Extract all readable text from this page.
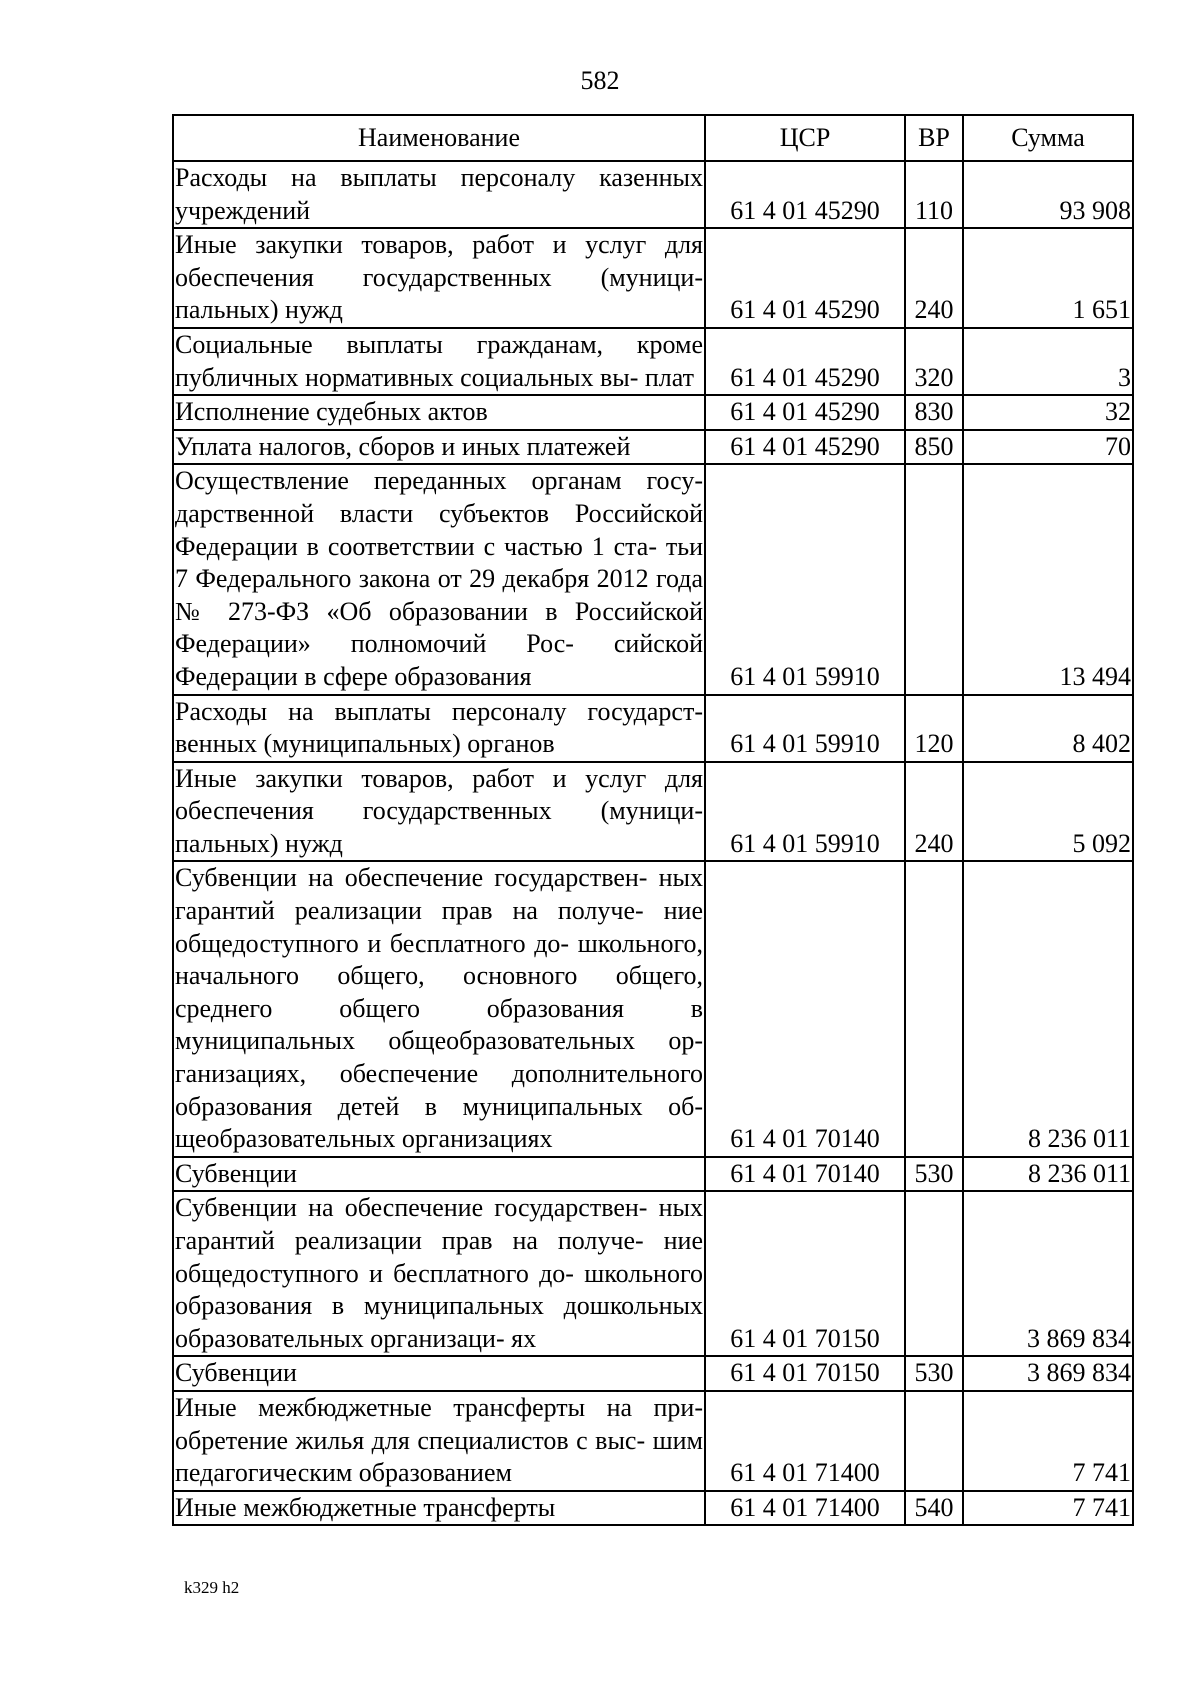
582
Наименование	ЦСР	ВР	Сумма
Расходы на выплаты персоналу казенных учреждений	61 4 01 45290	110	93 908
Иные закупки товаров, работ и услуг для обеспечения государственных (муници- пальных) нужд	61 4 01 45290	240	1 651
Социальные выплаты гражданам, кроме публичных нормативных социальных вы- плат	61 4 01 45290	320	3
Исполнение судебных актов	61 4 01 45290	830	32
Уплата налогов, сборов и иных платежей	61 4 01 45290	850	70
Осуществление переданных органам госу- дарственной власти субъектов Российской Федерации в соответствии с частью 1 ста- тьи 7 Федерального закона от 29 декабря 2012 года № 273-ФЗ «Об образовании в Российской Федерации» полномочий Рос- сийской Федерации в сфере образования	61 4 01 59910		13 494
Расходы на выплаты персоналу государст- венных (муниципальных) органов	61 4 01 59910	120	8 402
Иные закупки товаров, работ и услуг для обеспечения государственных (муници- пальных) нужд	61 4 01 59910	240	5 092
Субвенции на обеспечение государствен- ных гарантий реализации прав на получе- ние общедоступного и бесплатного до- школьного, начального общего, основного общего, среднего общего образования в муниципальных общеобразовательных ор- ганизациях, обеспечение дополнительного образования детей в муниципальных об- щеобразовательных организациях	61 4 01 70140		8 236 011
Субвенции	61 4 01 70140	530	8 236 011
Субвенции на обеспечение государствен- ных гарантий реализации прав на получе- ние общедоступного и бесплатного до- школьного образования в муниципальных дошкольных образовательных организаци- ях	61 4 01 70150		3 869 834
Субвенции	61 4 01 70150	530	3 869 834
Иные межбюджетные трансферты на при- обретение жилья для специалистов с выс- шим педагогическим образованием	61 4 01 71400		7 741
Иные межбюджетные трансферты	61 4 01 71400	540	7 741
k329 h2
